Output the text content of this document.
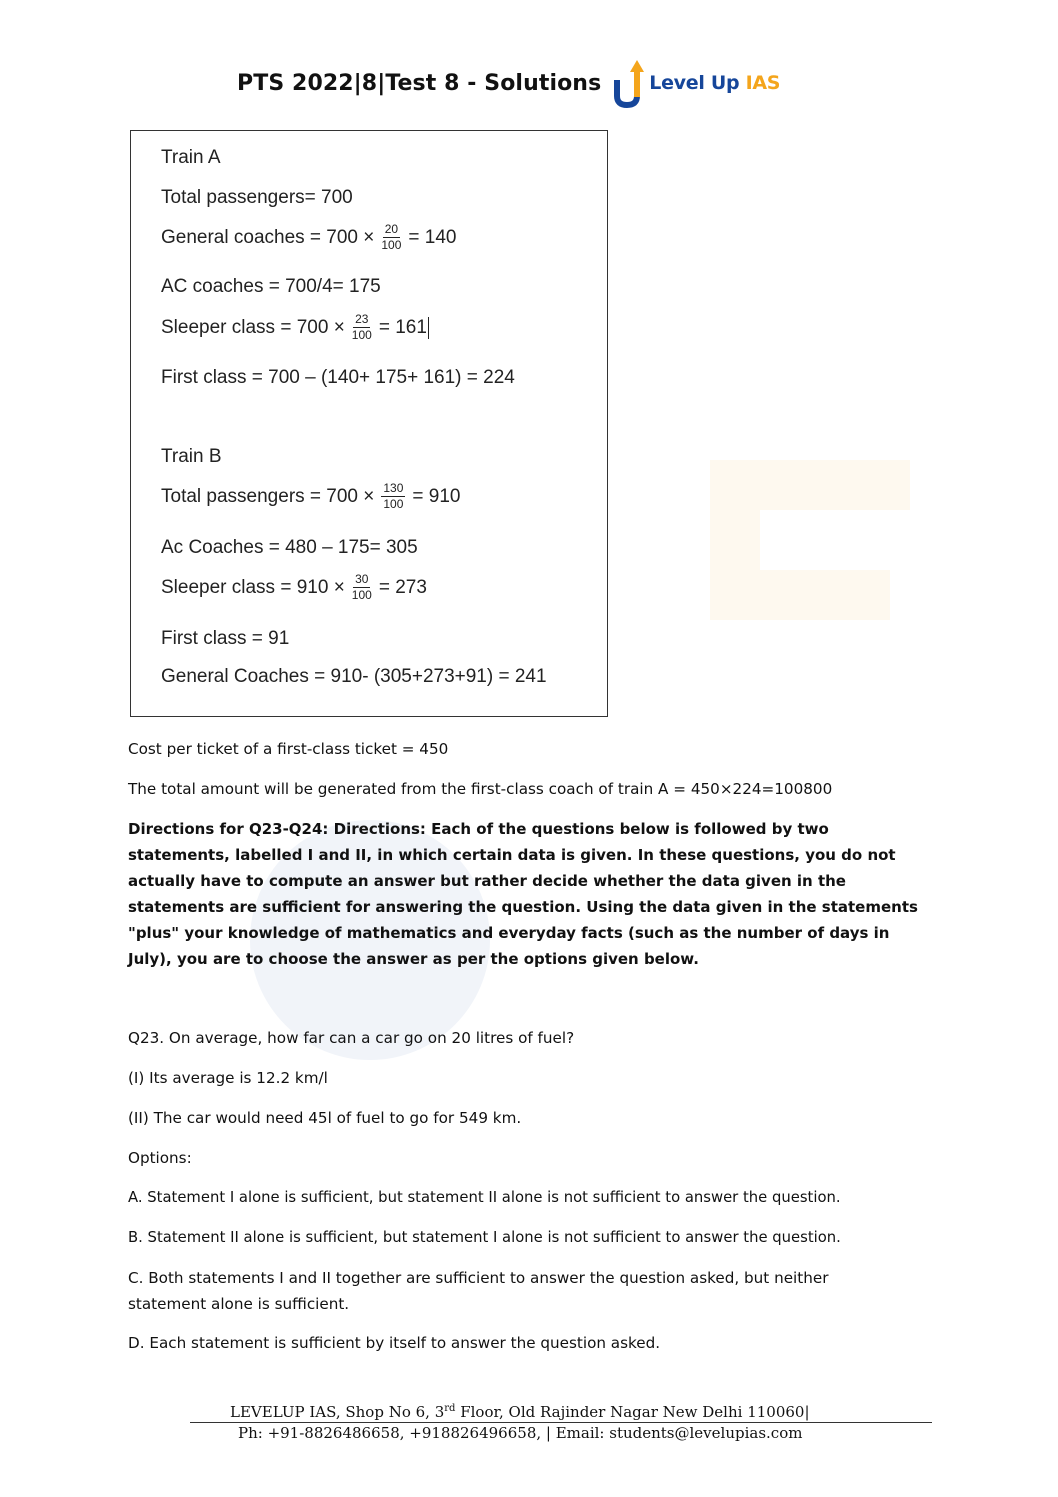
PTS 2022|8|Test 8 - Solutions	Level Up IAS
Train A
Total passengers= 700
General coaches = $700 \times \frac{20}{100} = 140$
AC coaches = 700/4= 175
Sleeper class = $700 \times \frac{23}{100} = 161$
First class = 700 – (140+ 175+ 161) = 224
Train B
Total passengers = $700 \times \frac{130}{100} = 910$
Ac Coaches = 480 – 175= 305
Sleeper class = $910 \times \frac{30}{100} = 273$
First class = 91
General Coaches = 910- (305+273+91) = 241
Cost per ticket of a first-class ticket = 450
The total amount will be generated from the first-class coach of train A = 450×224=100800
Directions for Q23-Q24: Directions: Each of the questions below is followed by two statements, labelled I and II, in which certain data is given. In these questions, you do not actually have to compute an answer but rather decide whether the data given in the statements are sufficient for answering the question. Using the data given in the statements "plus" your knowledge of mathematics and everyday facts (such as the number of days in July), you are to choose the answer as per the options given below.
Q23. On average, how far can a car go on 20 litres of fuel?
(I) Its average is 12.2 km/l
(II) The car would need 45l of fuel to go for 549 km.
Options:
A. Statement I alone is sufficient, but statement II alone is not sufficient to answer the question.
B. Statement II alone is sufficient, but statement I alone is not sufficient to answer the question.
C. Both statements I and II together are sufficient to answer the question asked, but neither statement alone is sufficient.
D. Each statement is sufficient by itself to answer the question asked.
LEVELUP IAS, Shop No 6, 3rd Floor, Old Rajinder Nagar New Delhi 110060|
Ph: +91-8826486658, +918826496658, | Email: students@levelupias.com
